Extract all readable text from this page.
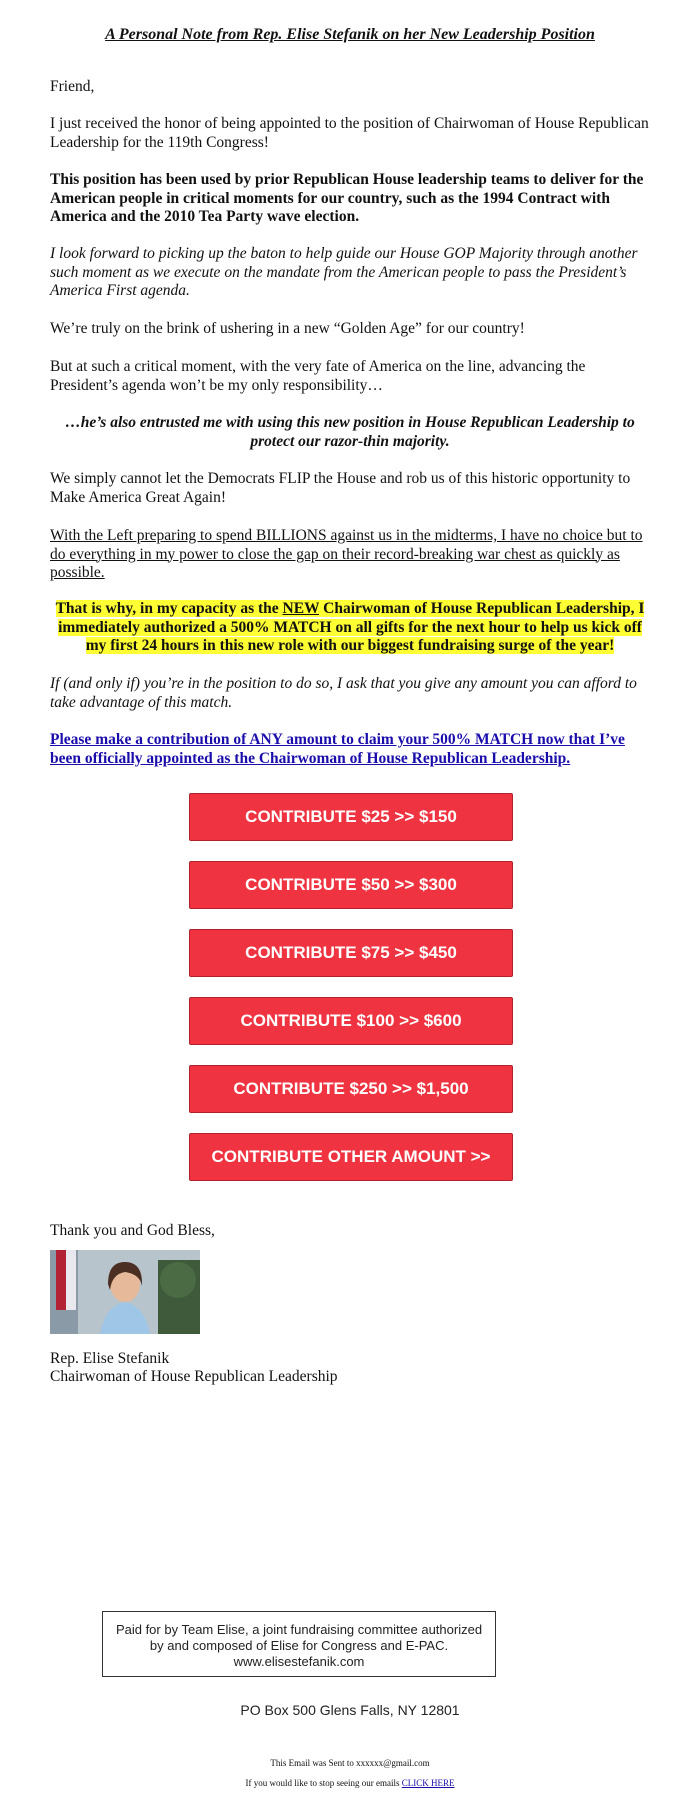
A Personal Note from Rep. Elise Stefanik on her New Leadership Position

Friend,

I just received the honor of being appointed to the position of Chairwoman of House Republican Leadership for the 119th Congress!

This position has been used by prior Republican House leadership teams to deliver for the American people in critical moments for our country, such as the 1994 Contract with America and the 2010 Tea Party wave election.

I look forward to picking up the baton to help guide our House GOP Majority through another such moment as we execute on the mandate from the American people to pass the President’s America First agenda.

We’re truly on the brink of ushering in a new “Golden Age” for our country!

But at such a critical moment, with the very fate of America on the line, advancing the President’s agenda won’t be my only responsibility…

…he’s also entrusted me with using this new position in House Republican Leadership to protect our razor-thin majority.

We simply cannot let the Democrats FLIP the House and rob us of this historic opportunity to Make America Great Again!

With the Left preparing to spend BILLIONS against us in the midterms, I have no choice but to do everything in my power to close the gap on their record-breaking war chest as quickly as possible.

That is why, in my capacity as the NEW Chairwoman of House Republican Leadership, I immediately authorized a 500% MATCH on all gifts for the next hour to help us kick off my first 24 hours in this new role with our biggest fundraising surge of the year!

If (and only if) you’re in the position to do so, I ask that you give any amount you can afford to take advantage of this match.

Please make a contribution of ANY amount to claim your 500% MATCH now that I’ve been officially appointed as the Chairwoman of House Republican Leadership.

CONTRIBUTE $25 >> $150
CONTRIBUTE $50 >> $300
CONTRIBUTE $75 >> $450
CONTRIBUTE $100 >> $600
CONTRIBUTE $250 >> $1,500
CONTRIBUTE OTHER AMOUNT >>

Thank you and God Bless,

Rep. Elise Stefanik

Chairwoman of House Republican Leadership

Paid for by Team Elise, a joint fundraising committee authorized by and composed of Elise for Congress and E-PAC. www.elisestefanik.com
PO Box 500 Glens Falls, NY 12801
This Email was Sent to xxxxxx@gmail.com
If you would like to stop seeing our emails CLICK HERE
